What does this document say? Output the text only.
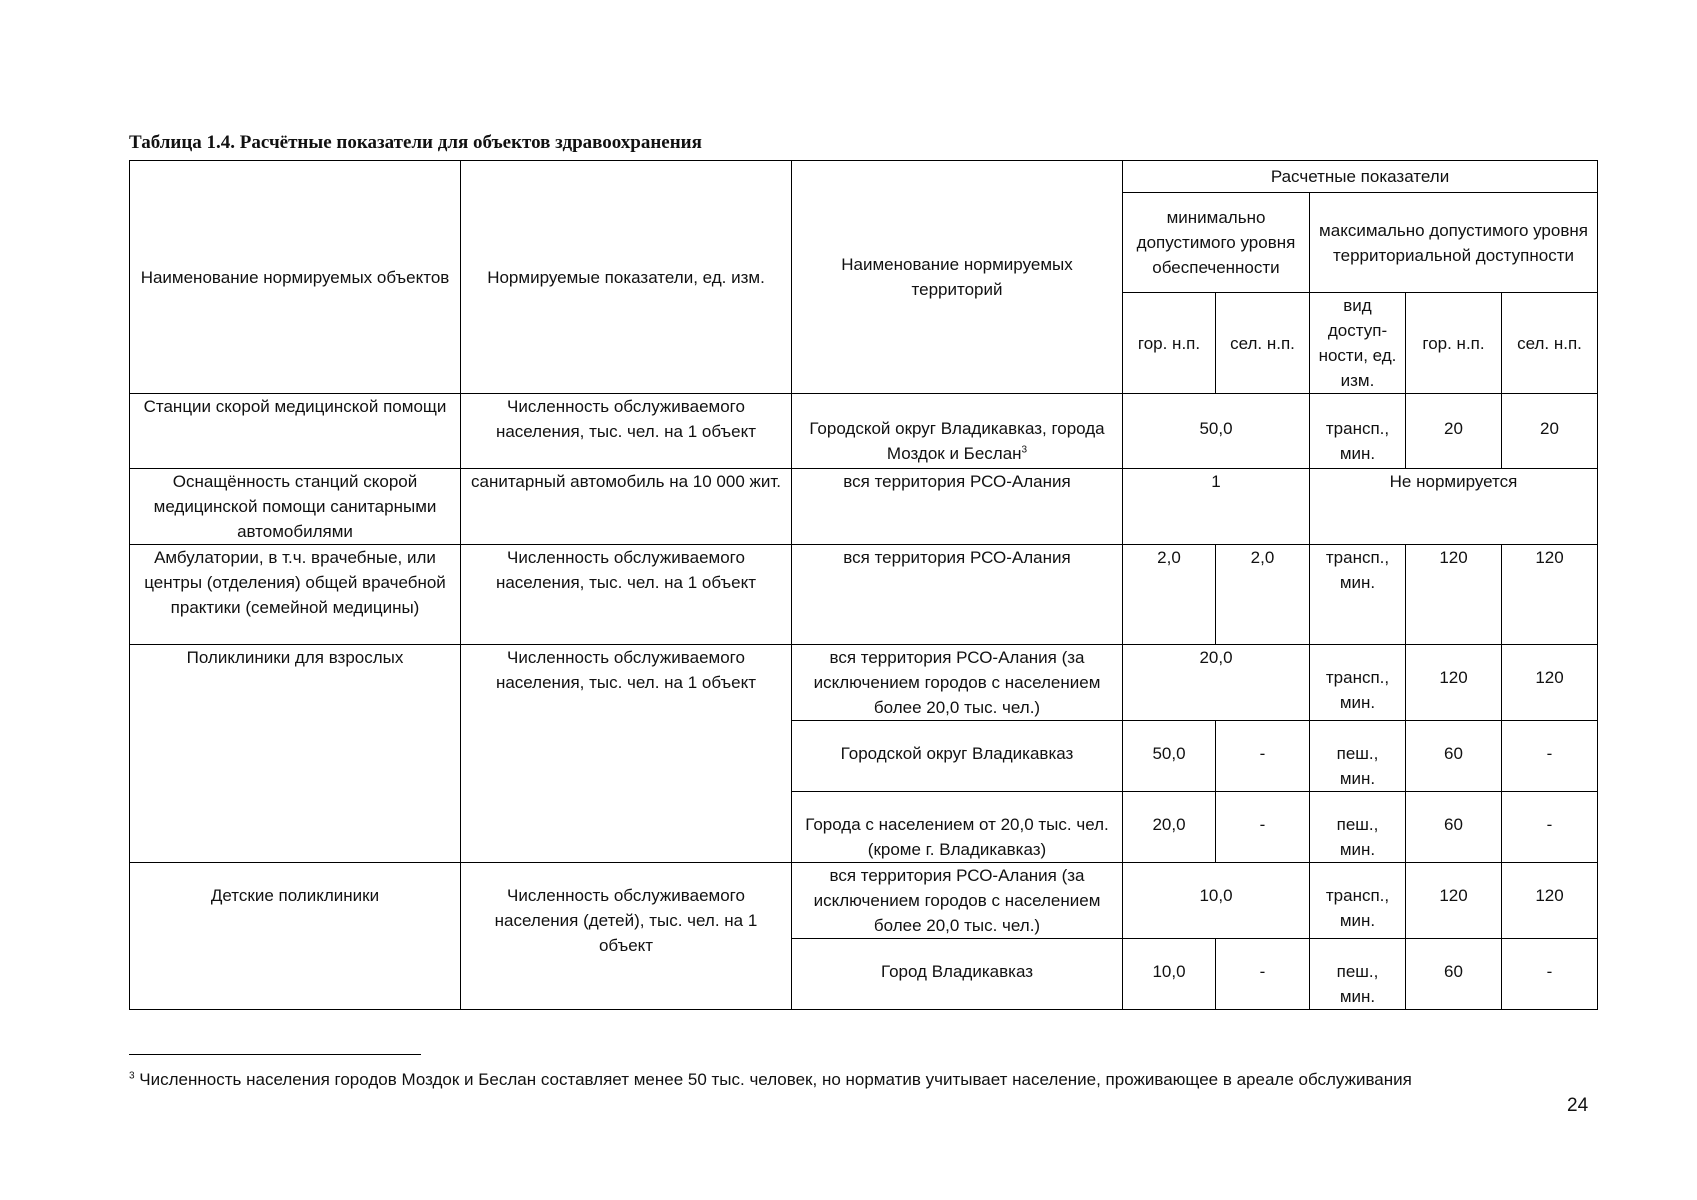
Таблица 1.4. Расчётные показатели для объектов здравоохранения
Наименование нормируемых объектов	Нормируемые показатели, ед. изм.	Наименование нормируемых территорий	Расчетные показатели				
			минимально допустимого уровня обеспеченности		максимально допустимого уровня территориальной доступности		
			гор. н.п.	сел. н.п.	вид доступ-ности, ед. изм.	гор. н.п.	сел. н.п.
Станции скорой медицинской помощи	Численность обслуживаемого населения, тыс. чел. на 1 объект	Городской округ Владикавказ, города Моздок и Беслан$^3$	50,0		трансп., мин.	20	20
Оснащённость станций скорой медицинской помощи санитарными автомобилями	санитарный автомобиль на 10 000 жит.	вся территория РСО-Алания	1		Не нормируется		
Амбулатории, в т.ч. врачебные, или центры (отделения) общей врачебной практики (семейной медицины)	Численность обслуживаемого населения, тыс. чел. на 1 объект	вся территория РСО-Алания	2,0	2,0	трансп., мин.	120	120
Поликлиники для взрослых	Численность обслуживаемого населения, тыс. чел. на 1 объект	вся территория РСО-Алания (за исключением городов с населением более 20,0 тыс. чел.)	20,0		трансп., мин.	120	120
		Городской округ Владикавказ	50,0	-	пеш., мин.	60	-
		Города с населением от 20,0 тыс. чел. (кроме г. Владикавказ)	20,0	-	пеш., мин.	60	-
Детские поликлиники	Численность обслуживаемого населения (детей), тыс. чел. на 1 объект	вся территория РСО-Алания (за исключением городов с населением более 20,0 тыс. чел.)	10,0		трансп., мин.	120	120
		Город Владикавказ	10,0	-	пеш., мин.	60	-
$^3$ Численность населения городов Моздок и Беслан составляет менее 50 тыс. человек, но норматив учитывает население, проживающее в ареале обслуживания
24
